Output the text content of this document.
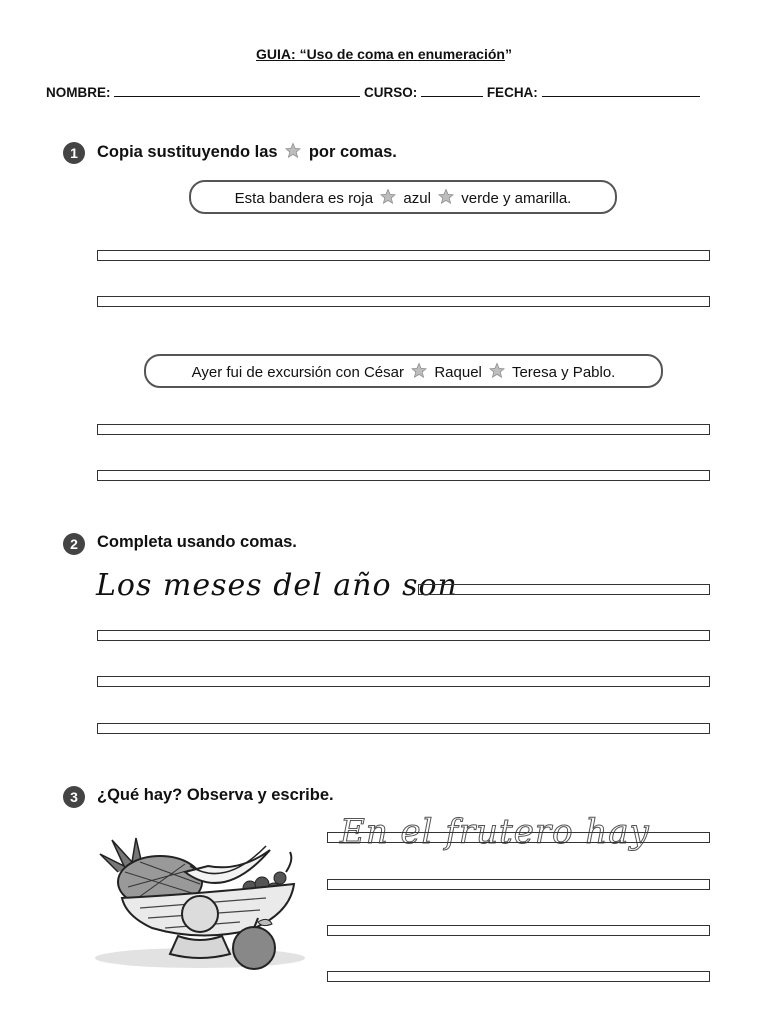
GUIA: “Uso de coma en enumeración”
NOMBRE:	CURSO:	FECHA:
1	Copia sustituyendo las por comas.
Esta bandera es roja azul verde y amarilla.
Ayer fui de excursión con César Raquel Teresa y Pablo.
2	Completa usando comas.
Los meses del año son
3	¿Qué hay? Observa y escribe.
En el frutero hay
